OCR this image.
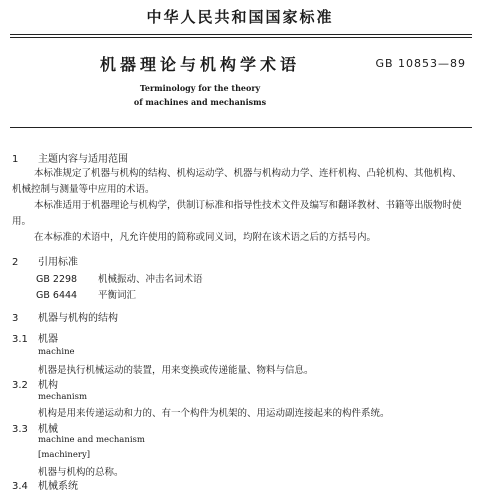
中华人民共和国国家标准
机器理论与机构学术语	GB 10853—89
Terminology for the theory
of machines and mechanisms
1 主题内容与适用范围
本标准规定了机器与机构的结构、机构运动学、机器与机构动力学、连杆机构、凸轮机构、其他机构、机械控制与测量等中应用的术语。
本标准适用于机器理论与机构学，供制订标准和指导性技术文件及编写和翻译教材、书籍等出版物时使用。
在本标准的术语中，凡允许使用的简称或同义词，均附在该术语之后的方括号内。
2 引用标准
GB 2298 机械振动、冲击名词术语
GB 6444 平衡词汇
3 机器与机构的结构
3.1 机器
machine
机器是执行机械运动的装置，用来变换或传递能量、物料与信息。
3.2 机构
mechanism
机构是用来传递运动和力的、有一个构件为机架的、用运动副连接起来的构件系统。
3.3 机械
machine and mechanism
[machinery]
机器与机构的总称。
3.4 机械系统
